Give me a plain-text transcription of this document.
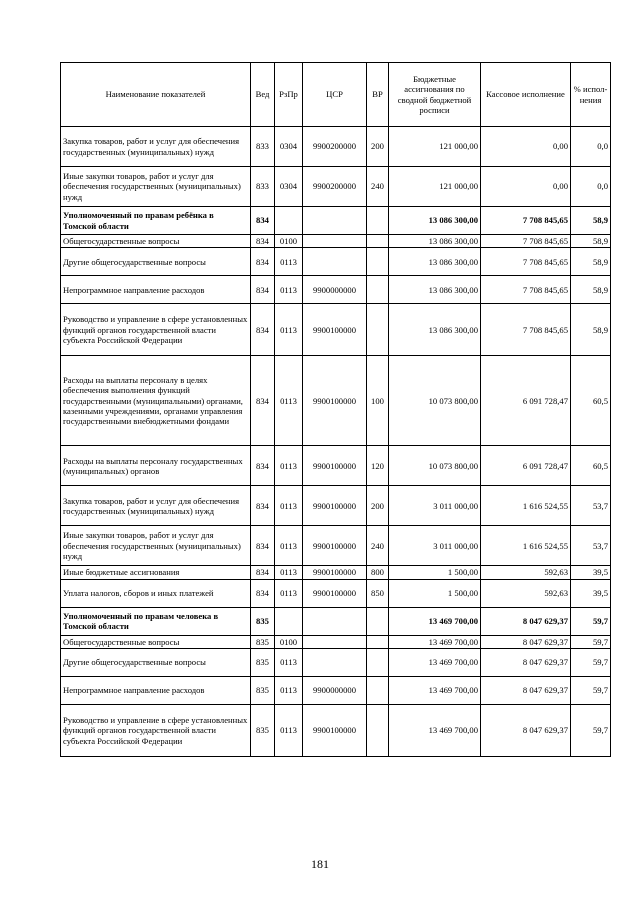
Наименование показателей	Вед	РзПр	ЦСР	ВР	Бюджетные ассигнования по сводной бюджетной росписи	Кассовое исполнение	% испол-нения
Закупка товаров, работ и услуг для обеспечения государственных (муниципальных) нужд	833	0304	9900200000	200	121 000,00	0,00	0,0
Иные закупки товаров, работ и услуг для обеспечения государственных (муниципальных) нужд	833	0304	9900200000	240	121 000,00	0,00	0,0
Уполномоченный по правам ребёнка в Томской области	834				13 086 300,00	7 708 845,65	58,9
Общегосударственные вопросы	834	0100			13 086 300,00	7 708 845,65	58,9
Другие общегосударственные вопросы	834	0113			13 086 300,00	7 708 845,65	58,9
Непрограммное направление расходов	834	0113	9900000000		13 086 300,00	7 708 845,65	58,9
Руководство и управление в сфере установленных функций органов государственной власти субъекта Российской Федерации	834	0113	9900100000		13 086 300,00	7 708 845,65	58,9
Расходы на выплаты персоналу в целях обеспечения выполнения функций государственными (муниципальными) органами, казенными учреждениями, органами управления государственными внебюджетными фондами	834	0113	9900100000	100	10 073 800,00	6 091 728,47	60,5
Расходы на выплаты персоналу государственных (муниципальных) органов	834	0113	9900100000	120	10 073 800,00	6 091 728,47	60,5
Закупка товаров, работ и услуг для обеспечения государственных (муниципальных) нужд	834	0113	9900100000	200	3 011 000,00	1 616 524,55	53,7
Иные закупки товаров, работ и услуг для обеспечения государственных (муниципальных) нужд	834	0113	9900100000	240	3 011 000,00	1 616 524,55	53,7
Иные бюджетные ассигнования	834	0113	9900100000	800	1 500,00	592,63	39,5
Уплата налогов, сборов и иных платежей	834	0113	9900100000	850	1 500,00	592,63	39,5
Уполномоченный по правам человека в Томской области	835				13 469 700,00	8 047 629,37	59,7
Общегосударственные вопросы	835	0100			13 469 700,00	8 047 629,37	59,7
Другие общегосударственные вопросы	835	0113			13 469 700,00	8 047 629,37	59,7
Непрограммное направление расходов	835	0113	9900000000		13 469 700,00	8 047 629,37	59,7
Руководство и управление в сфере установленных функций органов государственной власти субъекта Российской Федерации	835	0113	9900100000		13 469 700,00	8 047 629,37	59,7
181
